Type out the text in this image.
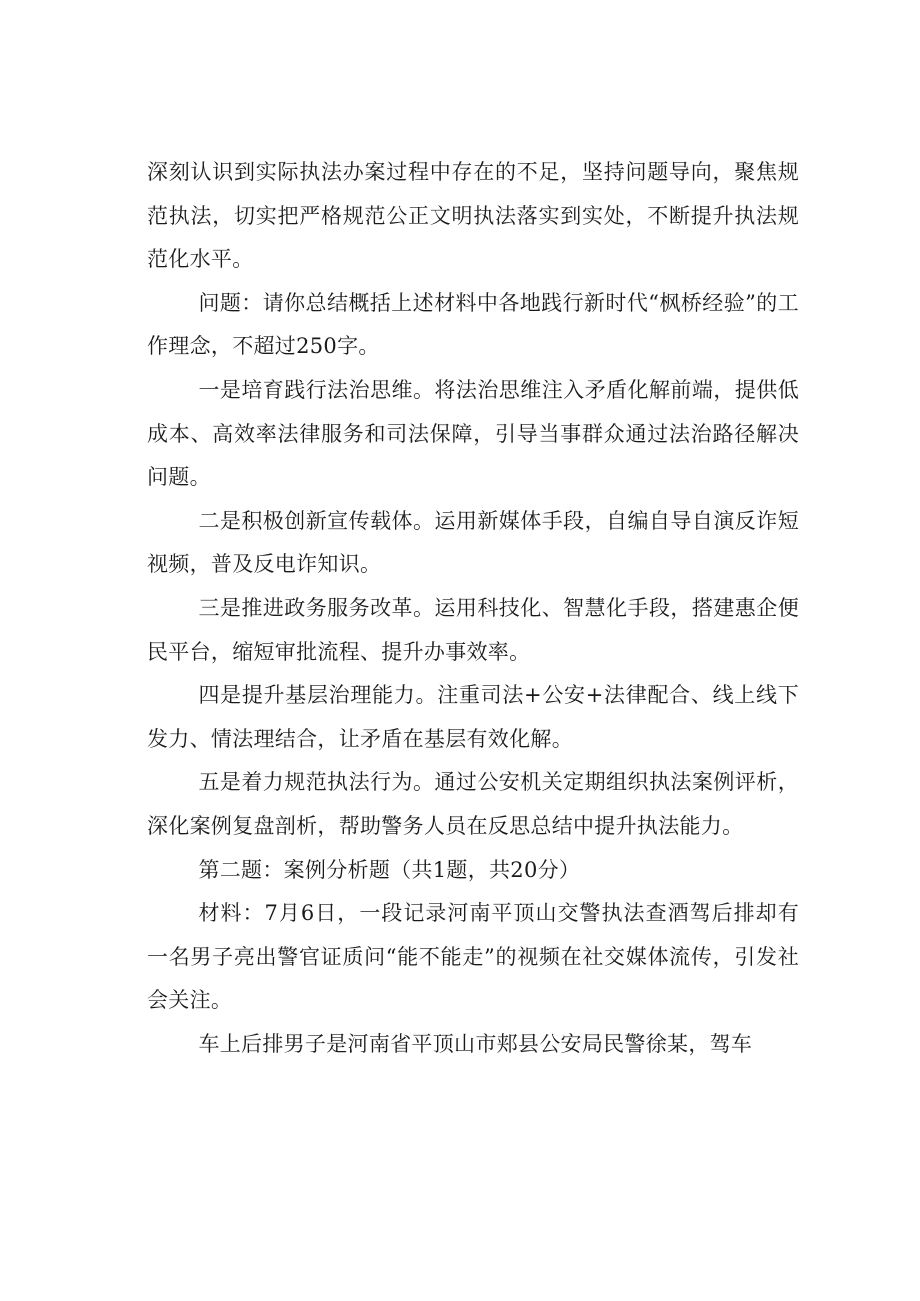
深刻认识到实际执法办案过程中存在的不足，坚持问题导向，聚焦规范执法，切实把严格规范公正文明执法落实到实处，不断提升执法规范化水平。

问题：请你总结概括上述材料中各地践行新时代“枫桥经验”的工作理念，不超过250字。

一是培育践行法治思维。将法治思维注入矛盾化解前端，提供低成本、高效率法律服务和司法保障，引导当事群众通过法治路径解决问题。

二是积极创新宣传载体。运用新媒体手段，自编自导自演反诈短视频，普及反电诈知识。

三是推进政务服务改革。运用科技化、智慧化手段，搭建惠企便民平台，缩短审批流程、提升办事效率。

四是提升基层治理能力。注重司法+公安+法律配合、线上线下发力、情法理结合，让矛盾在基层有效化解。

五是着力规范执法行为。通过公安机关定期组织执法案例评析，深化案例复盘剖析，帮助警务人员在反思总结中提升执法能力。

第二题：案例分析题（共1题，共20分）

材料：7月6日，一段记录河南平顶山交警执法查酒驾后排却有一名男子亮出警官证质问“能不能走”的视频在社交媒体流传，引发社会关注。

车上后排男子是河南省平顶山市郏县公安局民警徐某，驾车
